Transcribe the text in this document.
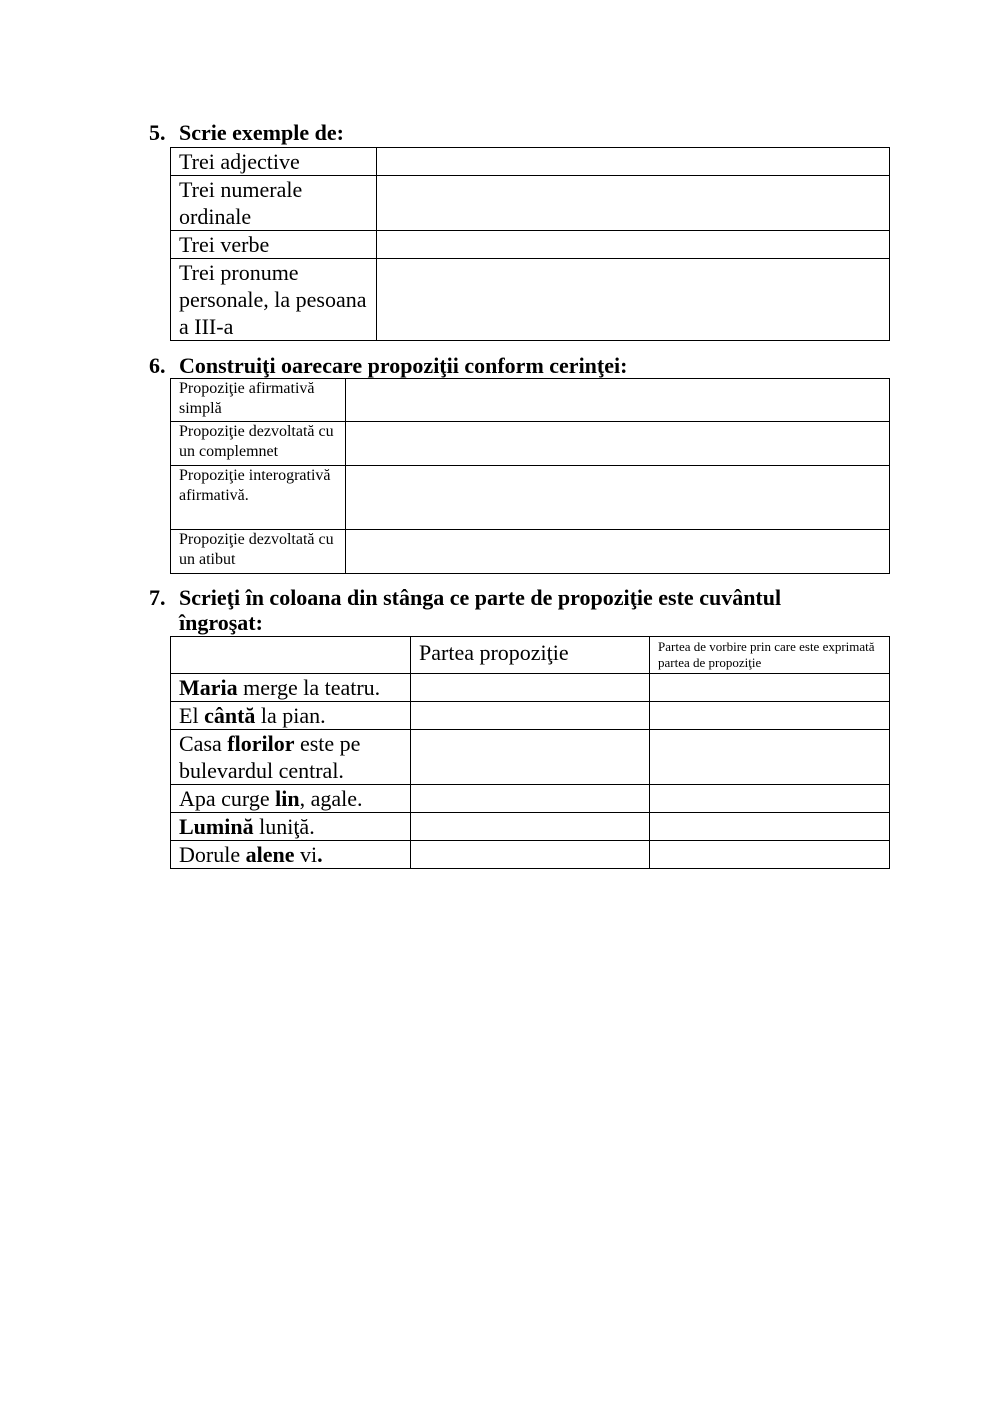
5. Scrie exemple de:
Trei adjective	
Trei numerale ordinale	
Trei verbe	
Trei pronume personale, la pesoana a III-a	
6. Construiţi oarecare propoziţii conform cerinţei:
Propoziţie afirmativă simplă	
Propoziţie dezvoltată cu un complemnet	
Propoziţie interogrativă afirmativă.	
Propoziţie dezvoltată cu un atibut	
7. Scrieţi în coloana din stânga ce parte de propoziţie este cuvântul
îngroşat:
	Partea propoziţie	Partea de vorbire prin care este exprimată partea de propoziţie
Maria merge la teatru.		
El cântă la pian.		
Casa florilor este pe bulevardul central.		
Apa curge lin, agale.		
Lumină luniţă.		
Dorule alene vi.		
